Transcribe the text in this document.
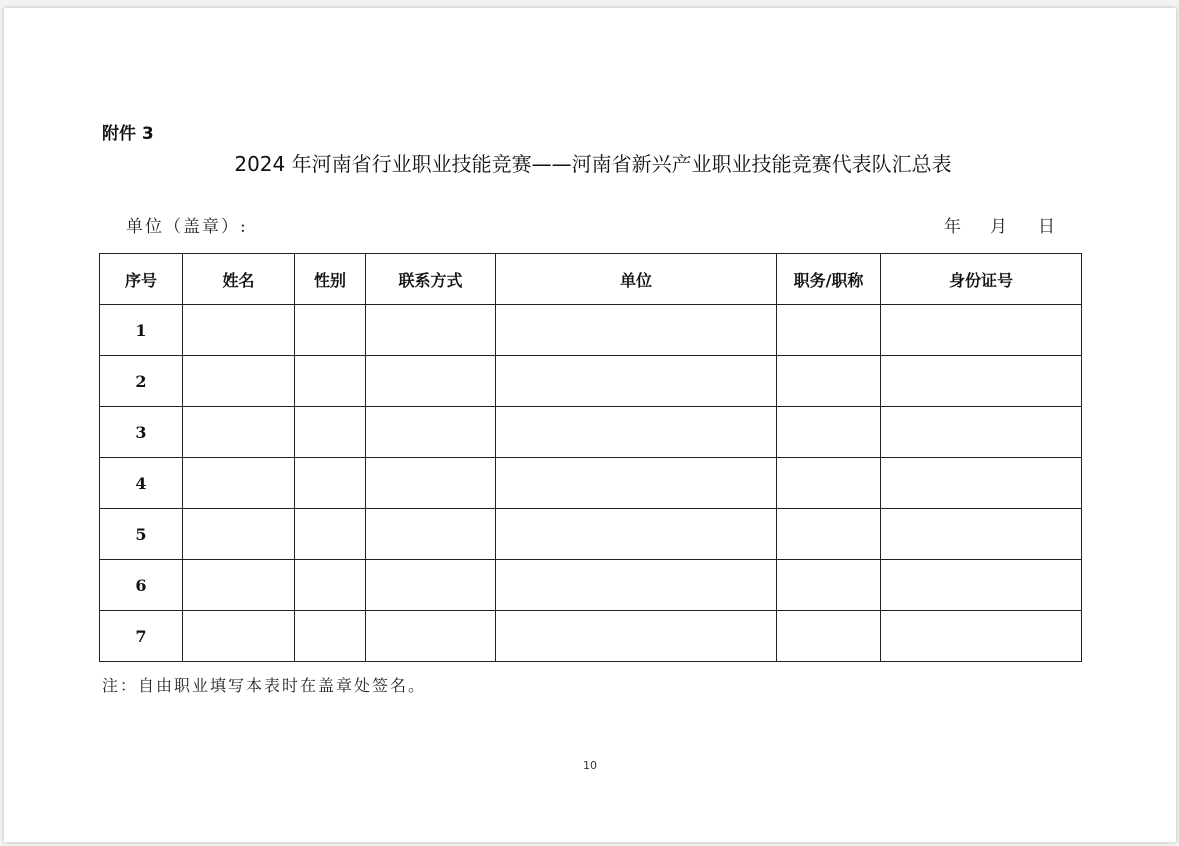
附件 3
2024 年河南省行业职业技能竞赛——河南省新兴产业职业技能竞赛代表队汇总表
单位（盖章）:	年 月 日
序号	姓名	性别	联系方式	单位	职务/职称	身份证号
1						
2						
3						
4						
5						
6						
7						
注：自由职业填写本表时在盖章处签名。
10
